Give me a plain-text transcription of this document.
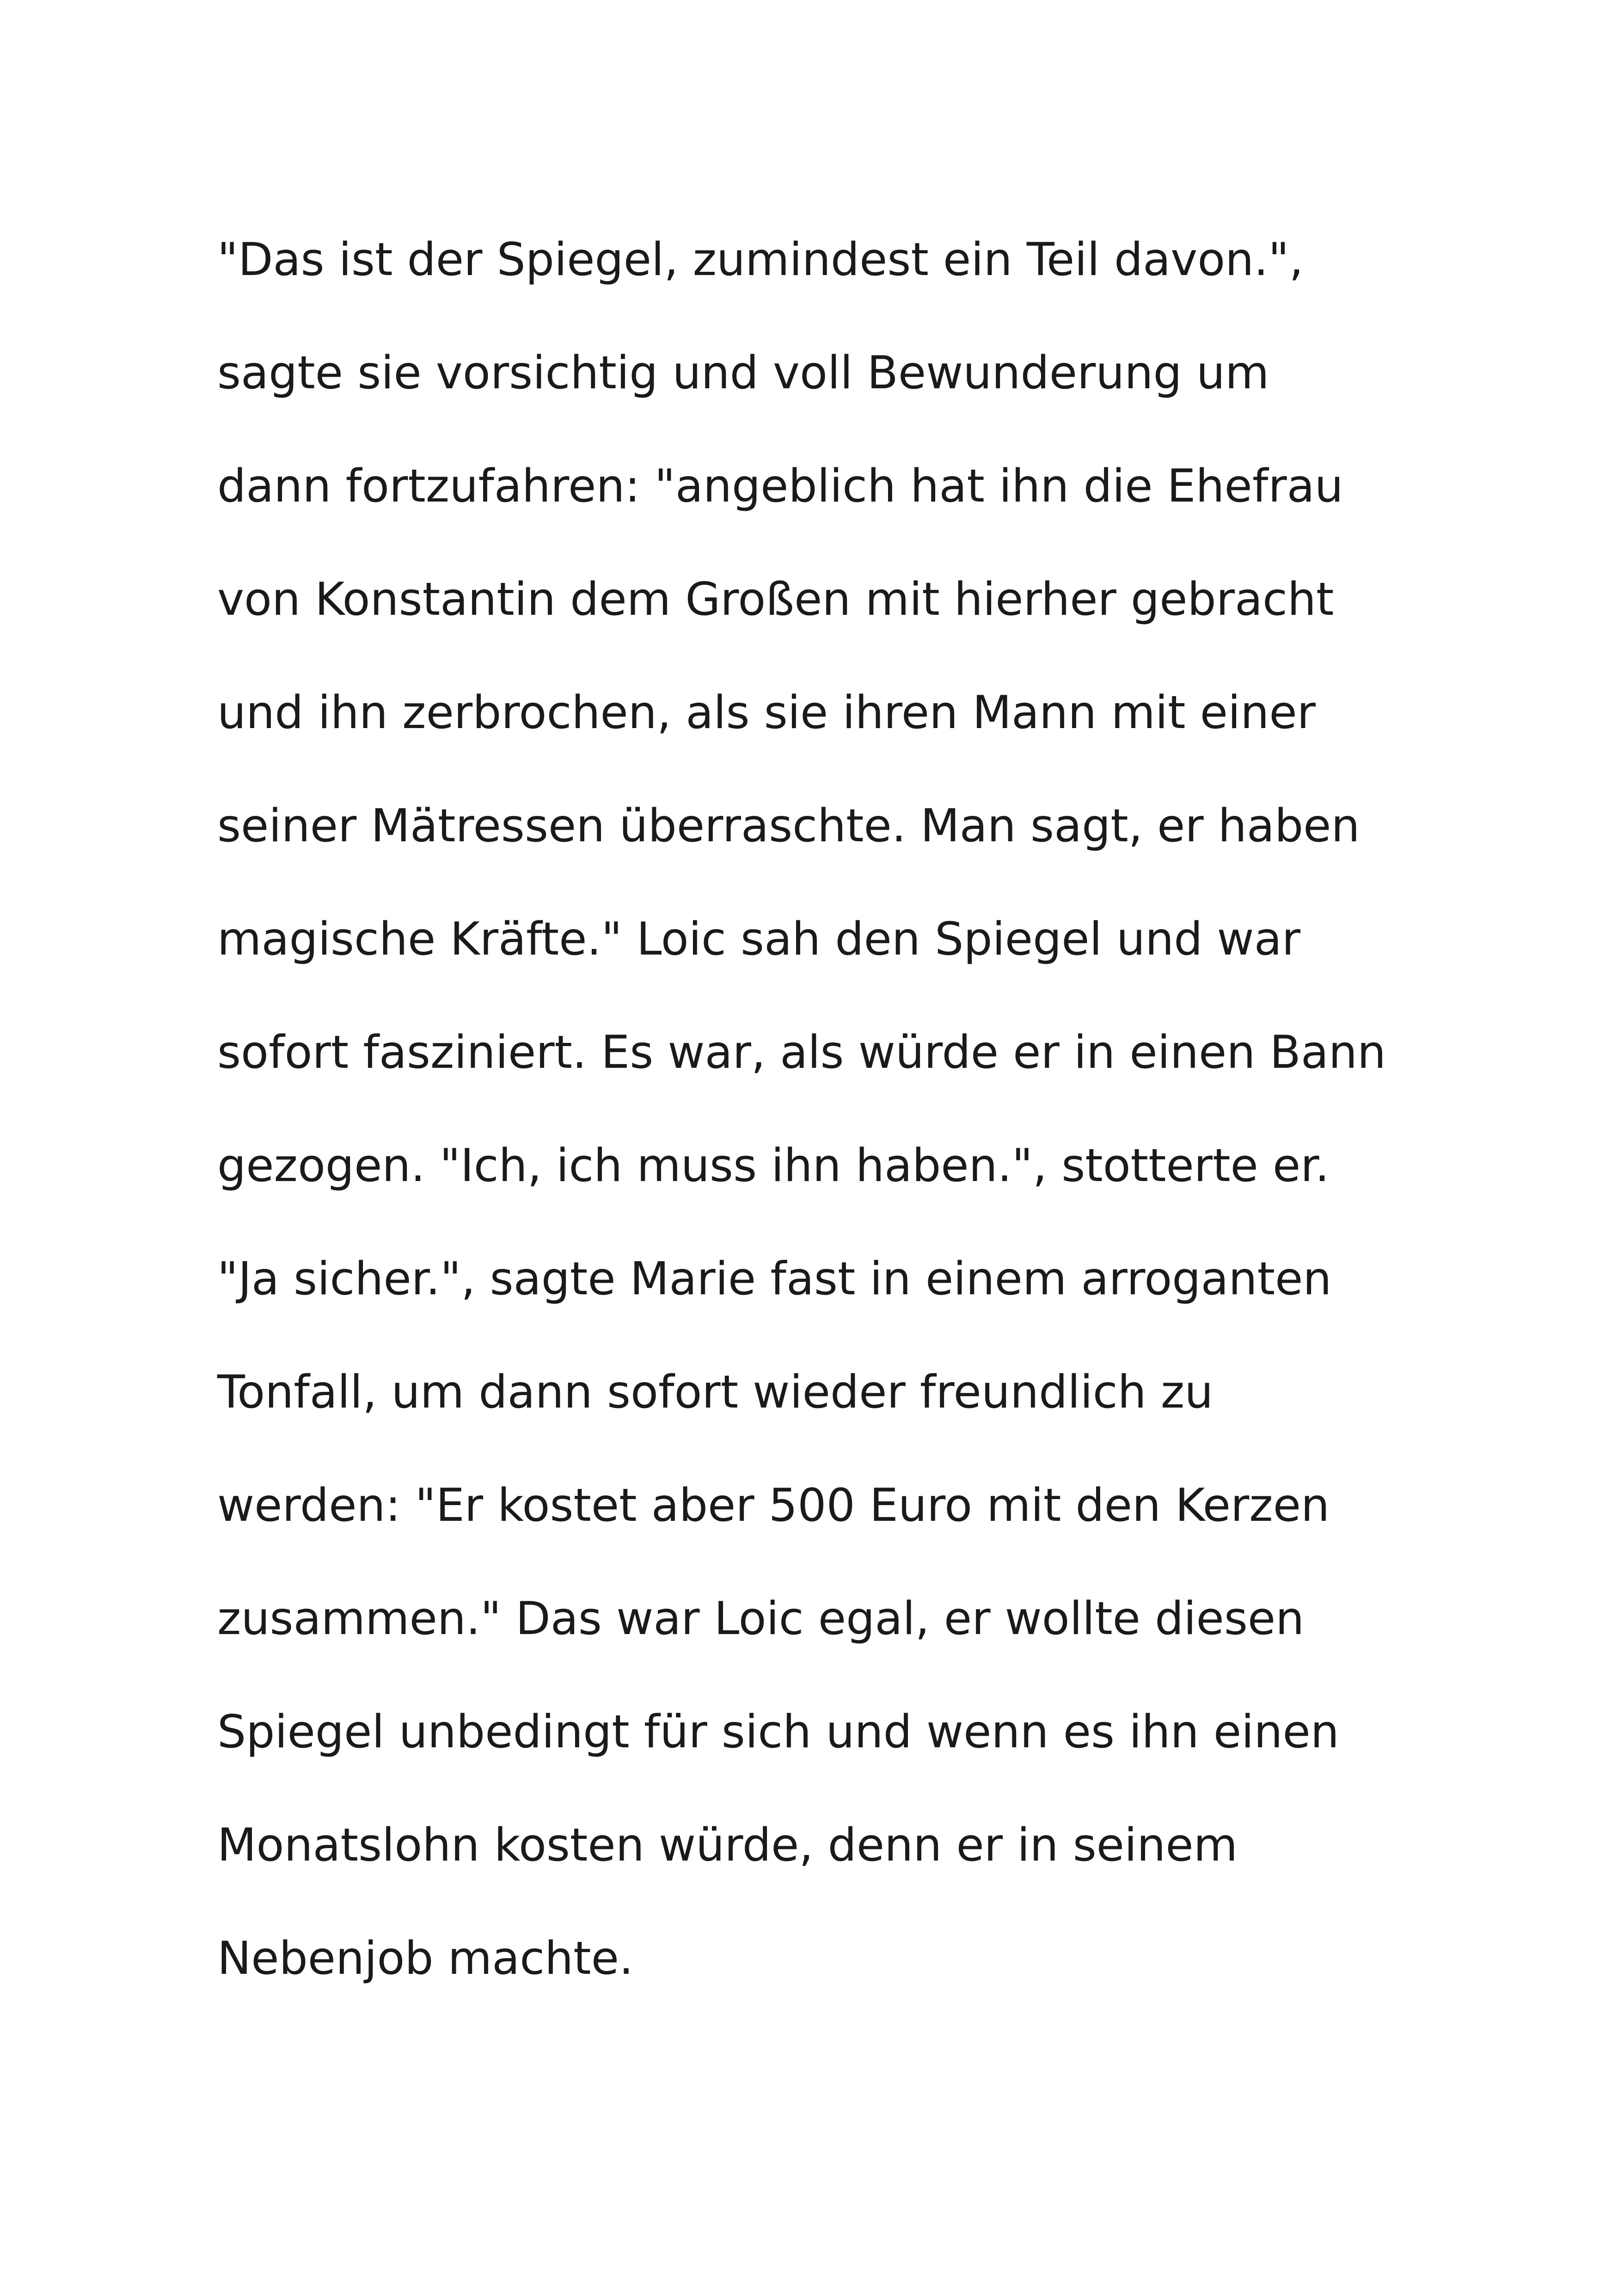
"Das ist der Spiegel, zumindest ein Teil davon.",
sagte sie vorsichtig und voll Bewunderung um
dann fortzufahren: "angeblich hat ihn die Ehefrau
von Konstantin dem Großen mit hierher gebracht
und ihn zerbrochen, als sie ihren Mann mit einer
seiner Mätressen überraschte. Man sagt, er haben
magische Kräfte." Loic sah den Spiegel und war
sofort fasziniert. Es war, als würde er in einen Bann
gezogen. "Ich, ich muss ihn haben.", stotterte er.
"Ja sicher.", sagte Marie fast in einem arroganten
Tonfall, um dann sofort wieder freundlich zu
werden: "Er kostet aber 500 Euro mit den Kerzen
zusammen." Das war Loic egal, er wollte diesen
Spiegel unbedingt für sich und wenn es ihn einen
Monatslohn kosten würde, denn er in seinem
Nebenjob machte.
